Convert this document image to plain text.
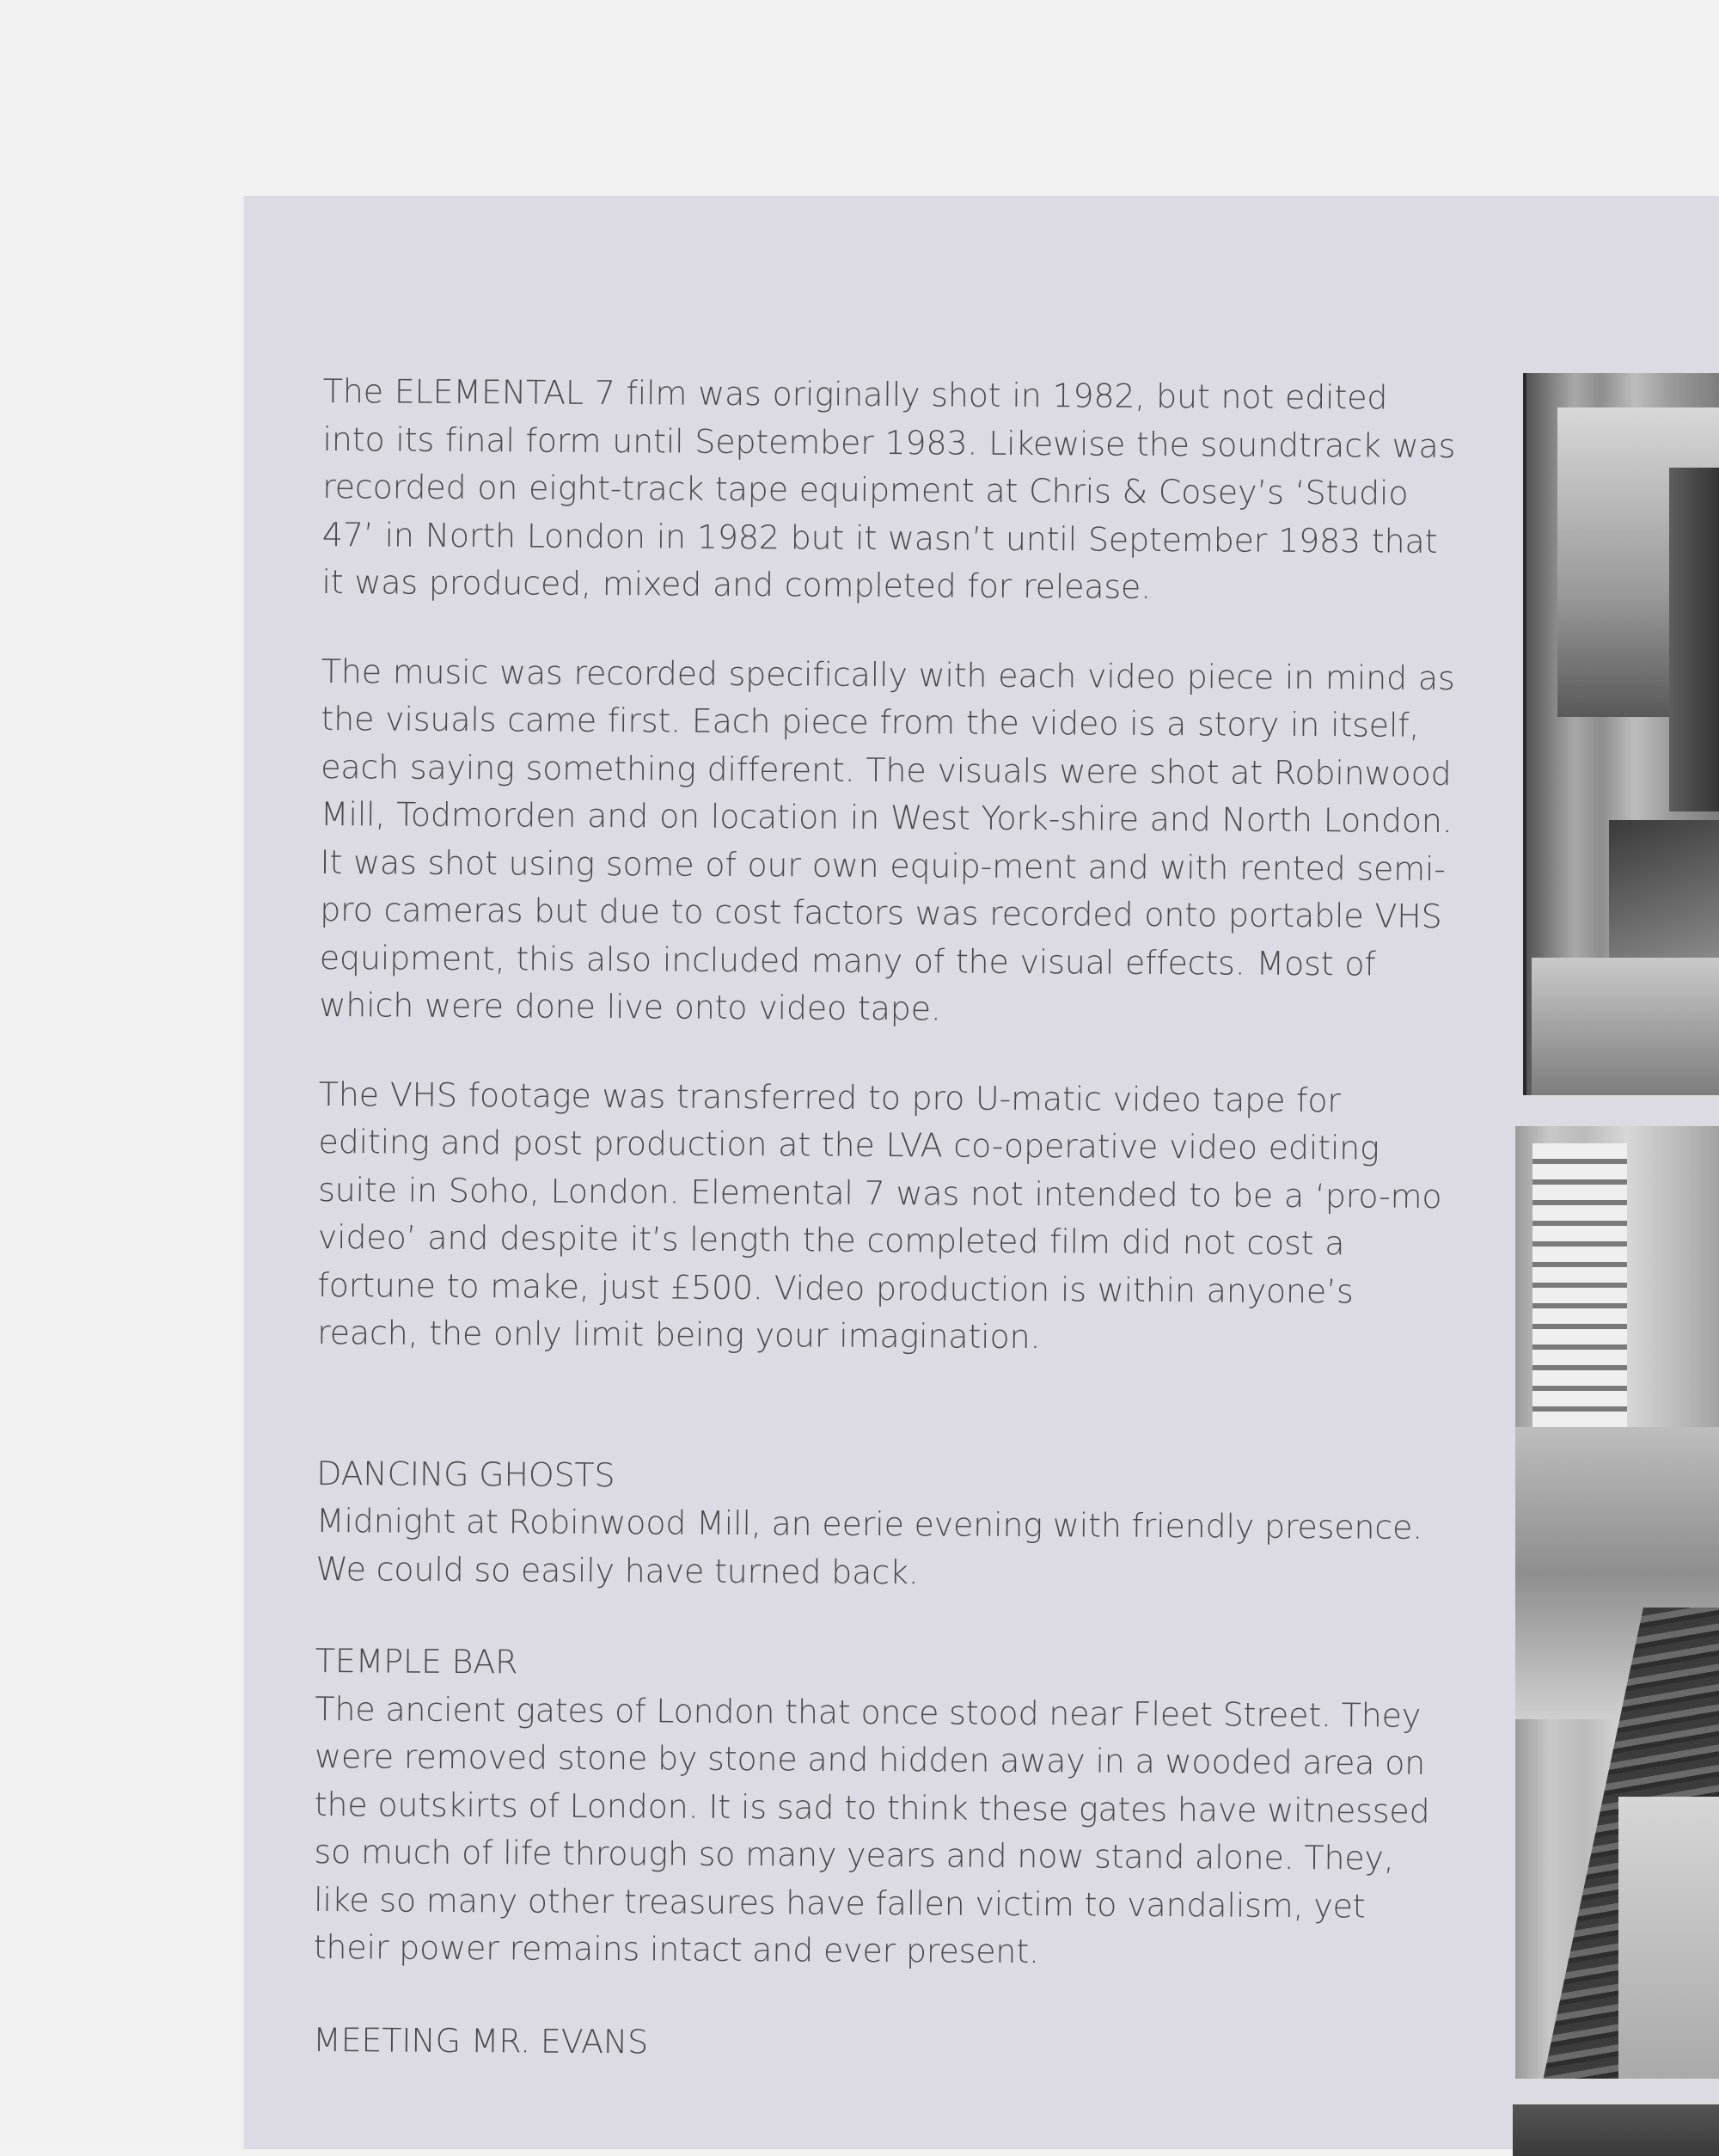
The ELEMENTAL 7 film was originally shot in 1982, but not edited into its final form until September 1983. Likewise the soundtrack was recorded on eight-track tape equipment at Chris & Cosey’s ‘Studio 47’ in North London in 1982 but it wasn’t until September 1983 that it was produced, mixed and completed for release.

The music was recorded specifically with each video piece in mind as the visuals came first. Each piece from the video is a story in itself, each saying something different. The visuals were shot at Robinwood Mill, Todmorden and on location in West York-shire and North London. It was shot using some of our own equip-ment and with rented semi-pro cameras but due to cost factors was recorded onto portable VHS equipment, this also included many of the visual effects. Most of which were done live onto video tape.

The VHS footage was transferred to pro U-matic video tape for editing and post production at the LVA co-operative video editing suite in Soho, London. Elemental 7 was not intended to be a ‘pro-mo video’ and despite it’s length the completed film did not cost a fortune to make, just £500. Video production is within anyone’s reach, the only limit being your imagination.

DANCING GHOSTS

Midnight at Robinwood Mill, an eerie evening with friendly presence. We could so easily have turned back.

TEMPLE BAR

The ancient gates of London that once stood near Fleet Street. They were removed stone by stone and hidden away in a wooded area on the outskirts of London. It is sad to think these gates have witnessed so much of life through so many years and now stand alone. They, like so many other treasures have fallen victim to vandalism, yet their power remains intact and ever present.

MEETING MR. EVANS
